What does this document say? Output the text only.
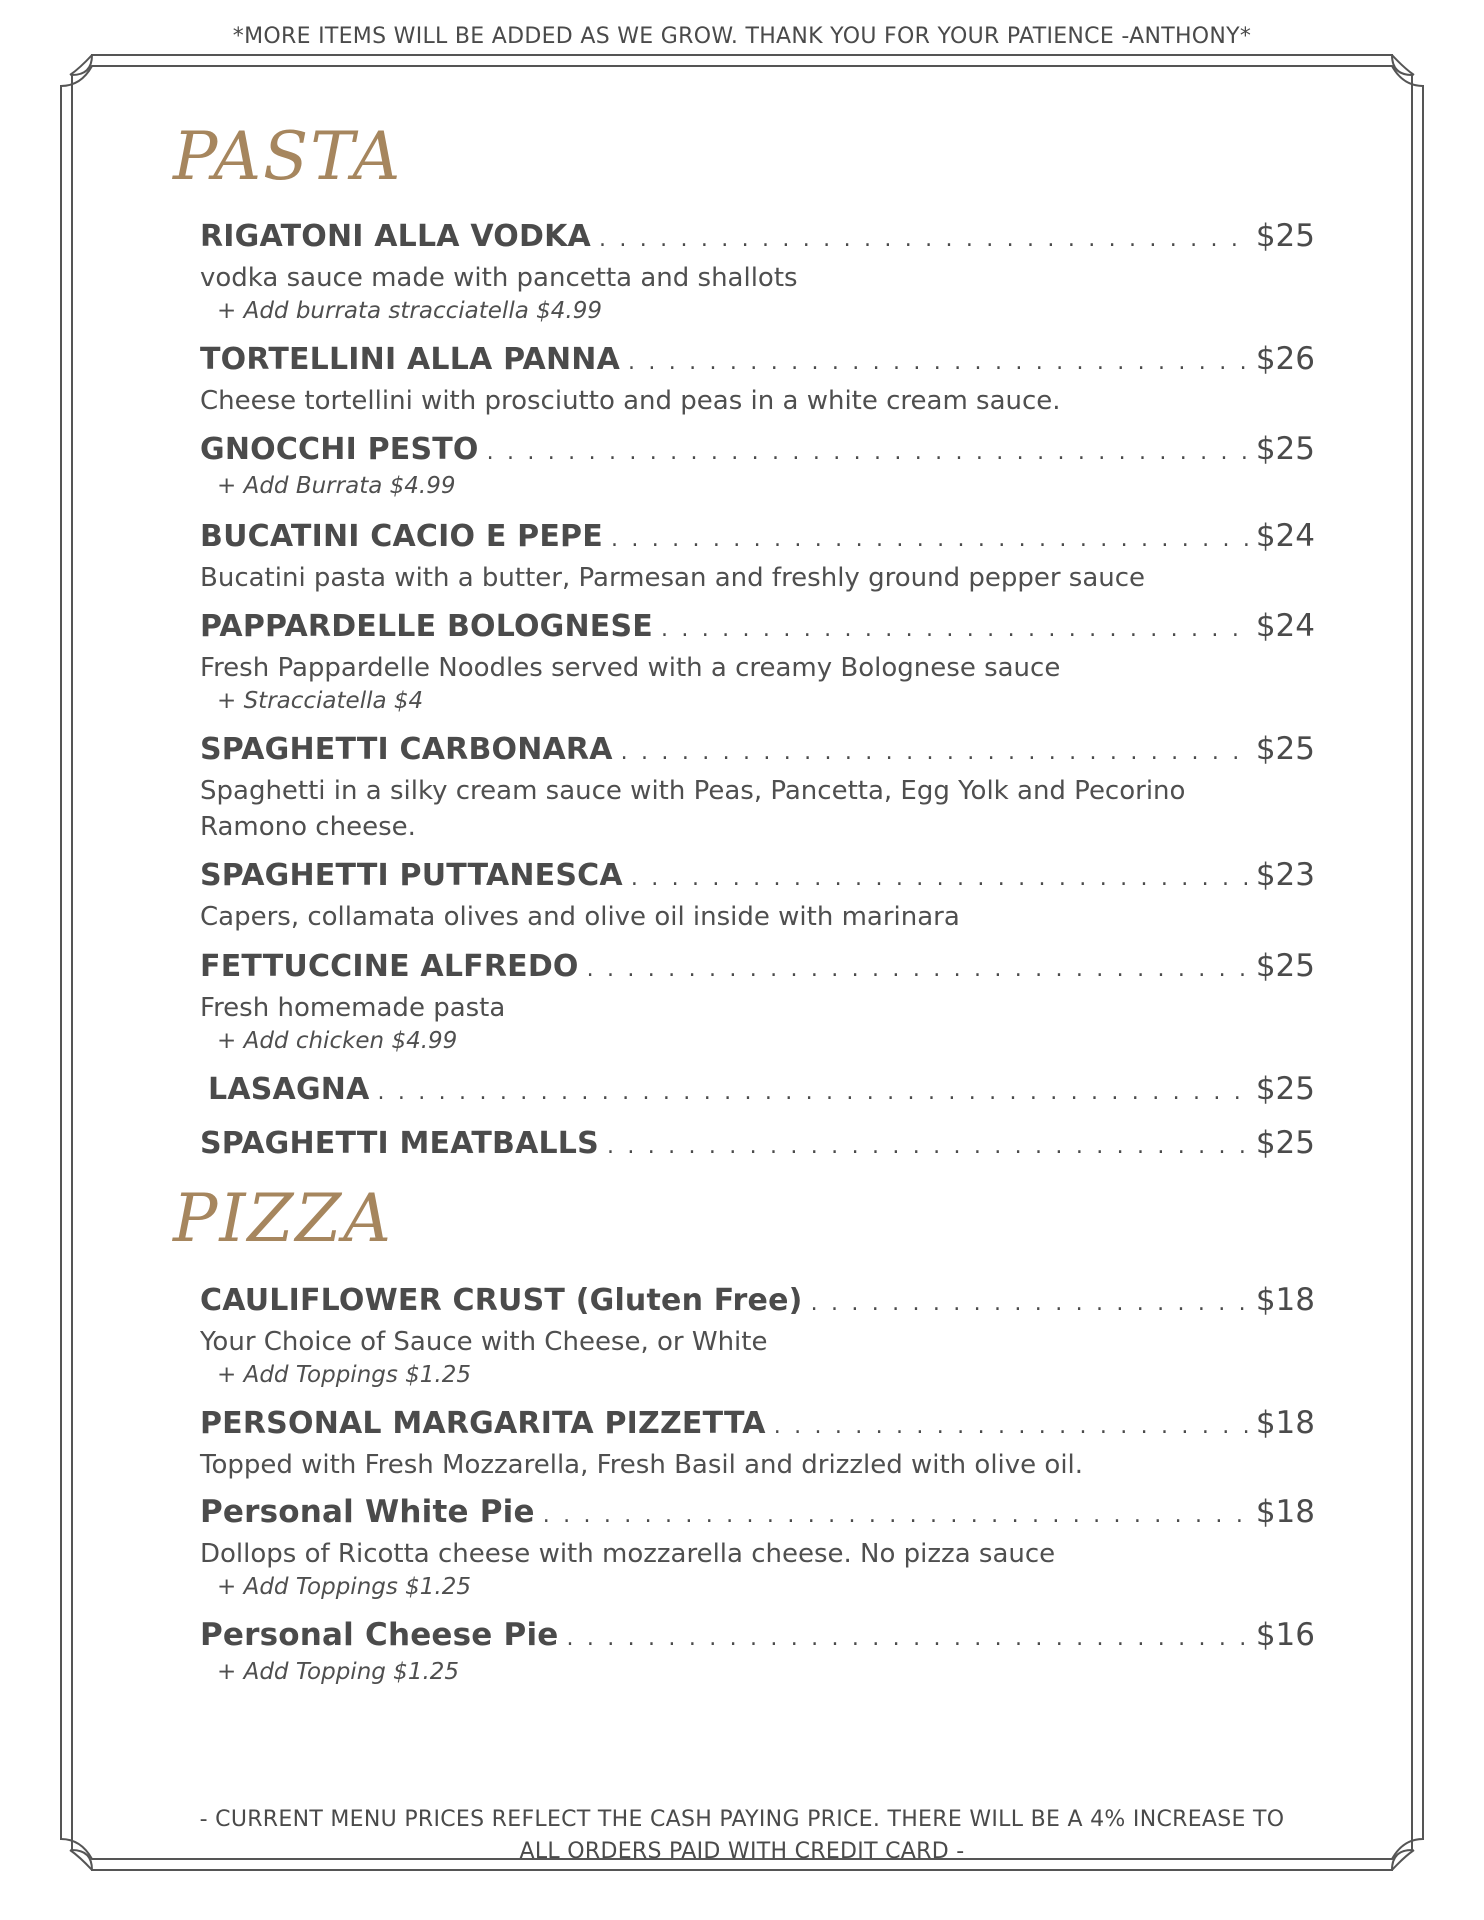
*MORE ITEMS WILL BE ADDED AS WE GROW. THANK YOU FOR YOUR PATIENCE -ANTHONY*
PASTA
RIGATONI ALLA VODKA . . .	$25
vodka sauce made with pancetta and shallots
+ Add burrata stracciatella $4.99
TORTELLINI ALLA PANNA . . .	$26
Cheese tortellini with prosciutto and peas in a white cream sauce.
GNOCCHI PESTO . . .	$25
+ Add Burrata $4.99
BUCATINI CACIO E PEPE . . .	$24
Bucatini pasta with a butter, Parmesan and freshly ground pepper sauce
PAPPARDELLE BOLOGNESE . . .	$24
Fresh Pappardelle Noodles served with a creamy Bolognese sauce
+ Stracciatella $4
SPAGHETTI CARBONARA . . .	$25
Spaghetti in a silky cream sauce with Peas, Pancetta, Egg Yolk and Pecorino Ramono cheese.
SPAGHETTI PUTTANESCA . . .	$23
Capers, collamata olives and olive oil inside with marinara
FETTUCCINE ALFREDO . . .	$25
Fresh homemade pasta
+ Add chicken $4.99
LASAGNA . . .	$25
SPAGHETTI MEATBALLS . . .	$25
PIZZA
CAULIFLOWER CRUST (Gluten Free) . . .	$18
Your Choice of Sauce with Cheese, or White
+ Add Toppings $1.25
PERSONAL MARGARITA PIZZETTA . . .	$18
Topped with Fresh Mozzarella, Fresh Basil and drizzled with olive oil.
Personal White Pie . . .	$18
Dollops of Ricotta cheese with mozzarella cheese. No pizza sauce
+ Add Toppings $1.25
Personal Cheese Pie . . .	$16
+ Add Topping $1.25
- CURRENT MENU PRICES REFLECT THE CASH PAYING PRICE. THERE WILL BE A 4% INCREASE TO ALL ORDERS PAID WITH CREDIT CARD -
